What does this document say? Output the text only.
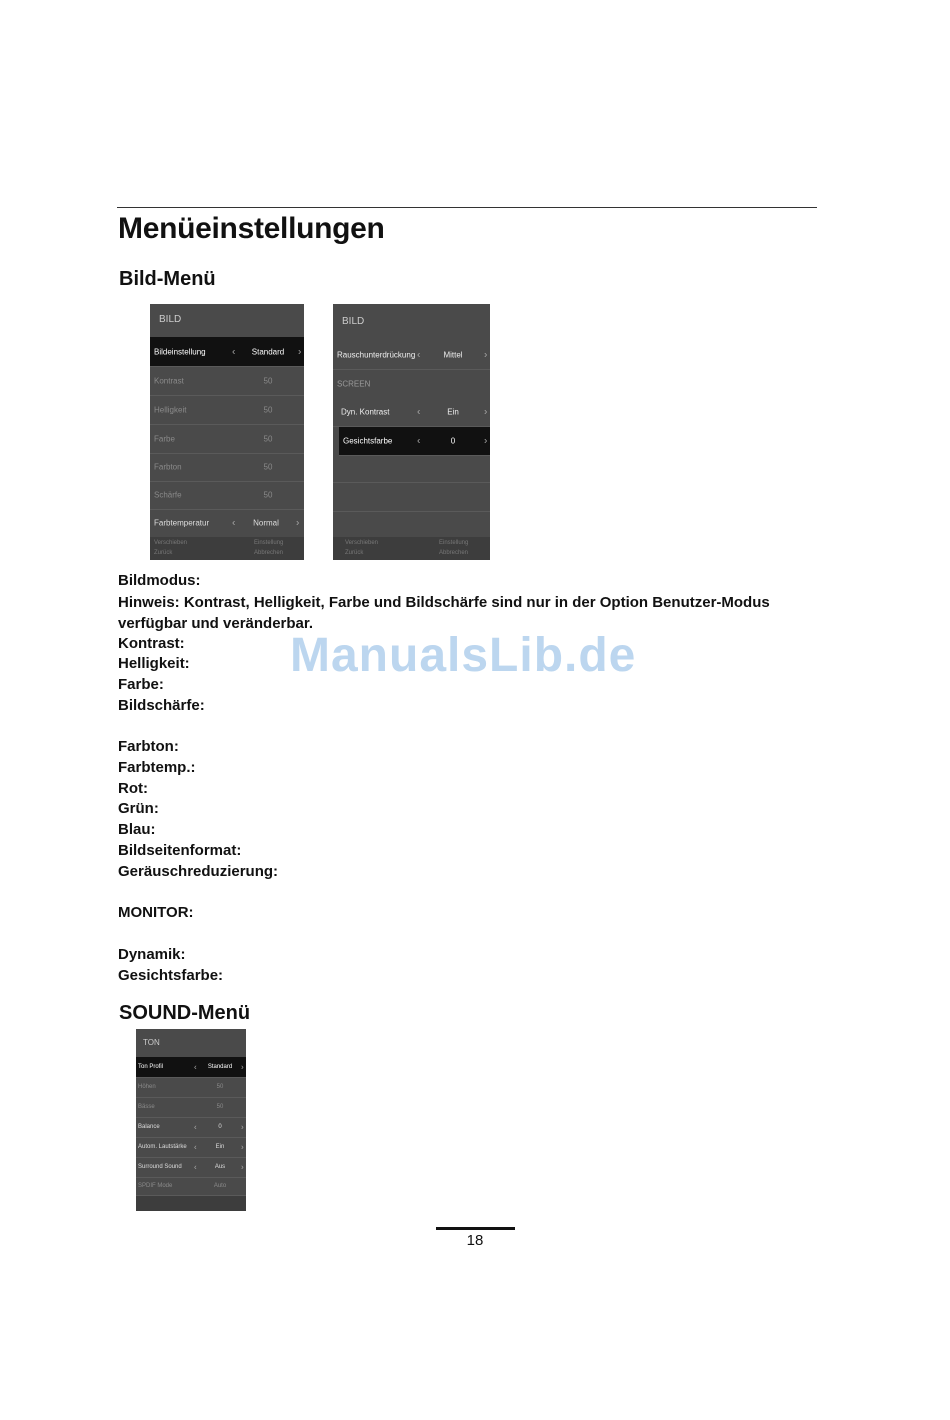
Menüeinstellungen
Bild-Menü
BILD
Bildeinstellung	‹ Standard ›
Kontrast	50
Helligkeit	50
Farbe	50
Farbton	50
Schärfe	50
Farbtemperatur ‹ Normal ›
Verschieben	Einstellung
Zurück	Abbrechen
BILD
Rauschunterdrückung ‹	Mittel ›
SCREEN
Dyn. Kontrast	‹	Ein	›
Gesichtsfarbe ‹	0	›
Verschieben	Einstellung
Zurück	Abbrechen
Bildmodus:
Hinweis: Kontrast, Helligkeit, Farbe und Bildschärfe sind nur in der Option Benutzer-Modus verfügbar und veränderbar.
Kontrast:
Helligkeit:
Farbe:
Bildschärfe:
Farbton:
Farbtemp.:
Rot:
Grün:
Blau:
Bildseitenformat:
Geräuschreduzierung:
MONITOR:
Dynamik:
Gesichtsfarbe:
ManualsLib.de
SOUND-Menü
TON
Ton Profil	‹ Standard ›
Höhen	50
Bässe	50
Balance	‹	0 ›
Autom. Lautstärke ‹	Ein ›
Surround Sound ‹	Aus ›
SPDIF Mode	Auto
18
